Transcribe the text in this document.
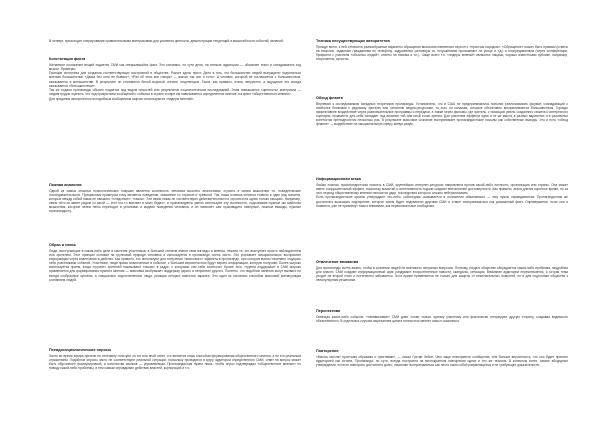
В четверг, происходит оперирование сравнительными материалами для усиления ценности, демонстрации тенденций и масштабности событий, явлений.

Констатация факта

Желаемое положение вещей подается СМИ как свершившийся факт. Это основано, по сути дела, на гипнозе аудитории — объявлен тезис и складывается ход мысли. Примеры:

Принцип источника для создания соответствующих настроений в обществе. Расчет здесь прост. Дело в том, что большинство людей вынуждено подчиняться мнению большинства: «Дыма без огня не бывает», «Раз об этом все говорят — значит так оно и есть». А человек, который не соглашается с большинством, оказывается в меньшинстве. В результате он становится белой вороной, изгоем, отщепенцем. Такое, как правило, очень неприятно, а ощущение это иногда оказывается «большинством».

Так же подача пропаганды обычно подается под видом новостей или результатов социологических исследований. Этим повышается «ценность» материала — людям трудно оценить, что под прикрытием сообщений о событии в стране и мире им навязывается определенное мнение, на фоне «общественного мнения».

Для придания авторитетности подобным сообщениям широко используются «лидеры мнений».

Ложная аналогия

Одной из самых опасных психологических ловушек является склонность человека мыслить аналогиями, строить в своем мышлении т.н. поведенческие последовательности. Прекрасным примером тому является поведение, связанное со страхом и тревогой. Так, наша психика склонна ставить в один ряд понятия, которые между собой никак не связаны: «следствие», «связь». Эти связи никак не соответствуют действительности и строятся на одних только эмоциях. Например, связь «Кто-то живет рядом со мной — этот кто-то виноват в моих бедах», и пропагандисты умело используют эту склонность, подсовывая нужные им шаблоны мышления, которые затем легко переходят в установки и модели поведения человека, и он начинает сам производить неверные, ложные выводы, нужные пропагандисту.

Образ и связь

Люди, выступающие в каком-либо деле в качестве участников, в большей степени имеют свои взгляды и мнения, нежели те, кто выступает просто наблюдателем или зрителем. Этот принцип основан на групповой природе человека и используется в пропаганде очень часто. Это усиливает эмоциональное восприятие информации через вовлечение в действо. Как правило, это используют для получения «массового» эффекта в пропаганде, при котором массы начинают ощущать себя участниками событий. Участники, люди прямо вовлеченные в событие, с большей вероятностью будут верить информации, которую получают. Более широко используется прием, когда «группе» зрителей показывают «своих» в кадре, с которыми они себя соотносят. Кроме того, «группа поддержки» в СМИ широко применяется для формирования нужного мнения — массовка изображает поддержку одного и неприятие другого. Понятно, что подобное явление могут вызвать не всегда отобранные зрители, а специально подготовленные люди, реакция которых известна заранее. Это один из основных способов массовой манипуляции сознанием людей.

Псевдосоциологические опросы

Часто во время эфира зрители по телефону голосуют за тот или иной ответ, что является лишь способом формирования общественного мнения, а не его реальным отражением. Подобные опросы часто не соответствуют реальной ситуации, поскольку проводятся в кругу аудитории определенного СМИ, ответ на вопрос может быть обусловлен формулировкой, а количество звонков — управляемым. Пропагандистам нужно лишь, чтобы опрос подтверждал «общественное мнение» по поводу какой-либо проблемы, и тем самым оправдывал действия властей, корпораций и т.п.

Техника несуществующих авторитетов

Прежде всего, к ней относятся разнообразные варианты обращения высокопоставленных персон с «простым народом». «Обращение» может быть прямым (ответы на вопросы, заданные гражданами по телефону, задушевные разговоры со «случайными прохожими» на улице и т.д.) и опосредованным (через конференции, брифинги с участием «обычных людей», ответы на письма и т.п.). Чаще всего т.н. «лидеры мнений» являются лицами, хорошо известными публике, например, спортсмены, артисты.

Обход фланга

Вернемся к исследованиям западных теоретиков пропаганды. Установлено, что в США не предпринимались попытки реализовывать формат, совпадающий с наиболее близкими к рядовому зрителю или читателю медиа-ресурсами, то есть по каналам, которые объективно воспринимаются большинством. Гораздо эффективнее воздействие через развлекательные программы и передачи, а также через фильмы, где зритель, с помощью умело созданного сюжета и интересного сценария, незаметно для себя попадает под влияние той или иной точки зрения. Для усиления эффекта одна и та же мысль в разных вариантах и в различных контекстах преподносится несколько раз. В результате массовое сознание воспринимает пропагандистские посылы как собственные выводы. Это и есть «обход фланга» — воздействие на эмоциональную сферу минуя разум.

Информационная атака

Любая ложная, пропагандистская новость в СМИ, крупнейших интернет-ресурсах направлена против какой-либо личности, организации или страны. Она может иметь сокрушительный эффект, поскольку масштаб и интенсивность подачи создают впечатление достоверности. Как правило, атака длится короткое время, но за этот период общественному мнению наносится удар, последствия которого сложно нейтрализовать.

Если пропагандистские органы утверждают что-либо, собеседник оказывается в положении обвиняемого — ему нужно оправдываться. Пропагандистам же достаточно высказать подозрение, которое затем будет подхвачено другими СМИ и станет восприниматься как доказанный факт. Опровержения, если они и появятся, уже не привлекут такого внимания, как первоначальное сообщение.

Отвлечение внимания

Для пропаганды очень важно, чтобы в сознании людей не возникало ненужных вопросов. Поэтому, когда в обществе обсуждается какая-либо проблема, неудобная для власти, СМИ создают информационный шум: раздувают второстепенные новости, скандалы, сенсации. Внимание аудитории переключается, а острая тема уходит на второй план и постепенно забывается. Этот прием применяется не только для защиты от нежелательных новостей, но и для подготовки общества к непопулярным решениям.

Перспектива

Освещая какое-либо событие, «независимые» СМИ дают слово только одному участнику или фактически игнорируют другую сторону, создавая видимость объективности. В отдельных случаях вырезанная цитата полностью меняет смысл сказанного.

Повторение

«Массы мыслят простыми образами и чувствами», — писал Густав Лебон. Чем чаще повторяется сообщение, тем больше вероятность, что оно будет принято аудиторией как истина. Пропаганда, по сути, всегда построена на многократном повторении одних и тех же тезисов. В конечном счете, самые абсурдные утверждения, если их повторять достаточно долго, начинают восприниматься как нечто само собой разумеющееся и не требующее доказательств.
